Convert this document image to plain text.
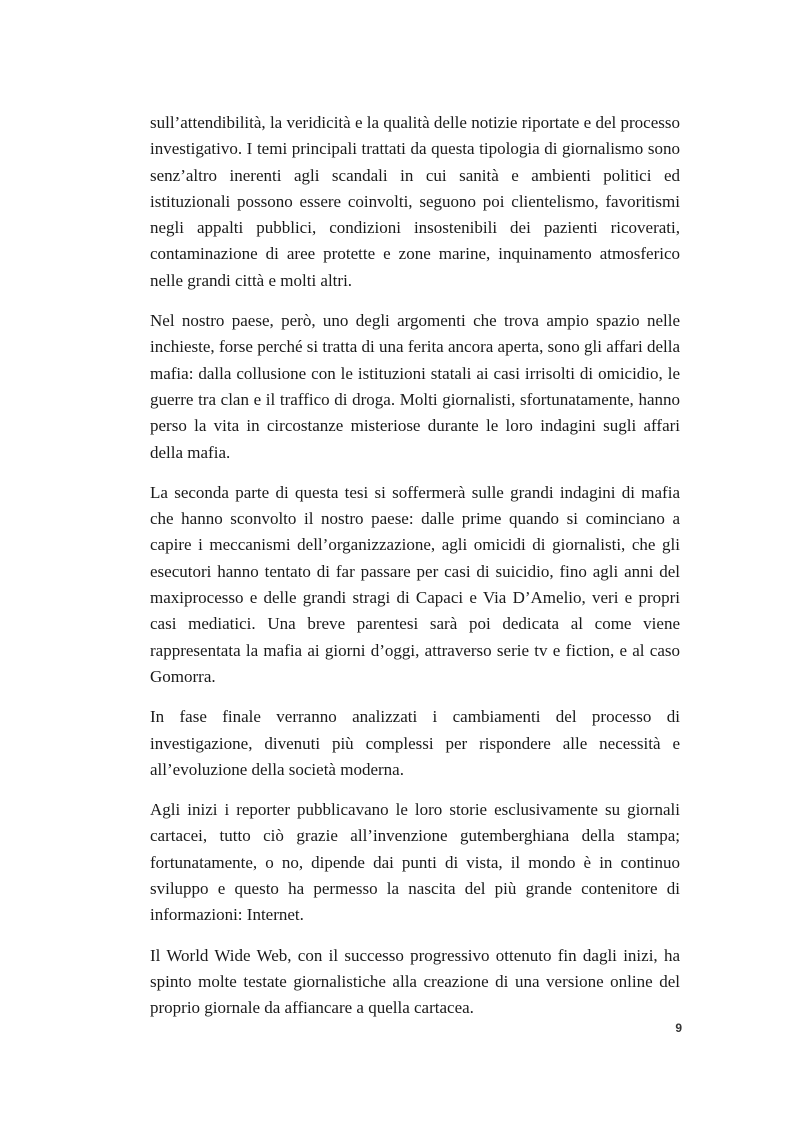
sull’attendibilità, la veridicità e la qualità delle notizie riportate e del processo investigativo. I temi principali trattati da questa tipologia di giornalismo sono senz’altro inerenti agli scandali in cui sanità e ambienti politici ed istituzionali possono essere coinvolti, seguono poi clientelismo, favoritismi negli appalti pubblici, condizioni insostenibili dei pazienti ricoverati, contaminazione di aree protette e zone marine, inquinamento atmosferico nelle grandi città e molti altri.

Nel nostro paese, però, uno degli argomenti che trova ampio spazio nelle inchieste, forse perché si tratta di una ferita ancora aperta, sono gli affari della mafia: dalla collusione con le istituzioni statali ai casi irrisolti di omicidio, le guerre tra clan e il traffico di droga. Molti giornalisti, sfortunatamente, hanno perso la vita in circostanze misteriose durante le loro indagini sugli affari della mafia.

La seconda parte di questa tesi si soffermerà sulle grandi indagini di mafia che hanno sconvolto il nostro paese: dalle prime quando si cominciano a capire i meccanismi dell’organizzazione, agli omicidi di giornalisti, che gli esecutori hanno tentato di far passare per casi di suicidio, fino agli anni del maxiprocesso e delle grandi stragi di Capaci e Via D’Amelio, veri e propri casi mediatici. Una breve parentesi sarà poi dedicata al come viene rappresentata la mafia ai giorni d’oggi, attraverso serie tv e fiction, e al caso Gomorra.

In fase finale verranno analizzati i cambiamenti del processo di investigazione, divenuti più complessi per rispondere alle necessità e all’evoluzione della società moderna.

Agli inizi i reporter pubblicavano le loro storie esclusivamente su giornali cartacei, tutto ciò grazie all’invenzione gutemberghiana della stampa; fortunatamente, o no, dipende dai punti di vista, il mondo è in continuo sviluppo e questo ha permesso la nascita del più grande contenitore di informazioni: Internet.

Il World Wide Web, con il successo progressivo ottenuto fin dagli inizi, ha spinto molte testate giornalistiche alla creazione di una versione online del proprio giornale da affiancare a quella cartacea.

9
